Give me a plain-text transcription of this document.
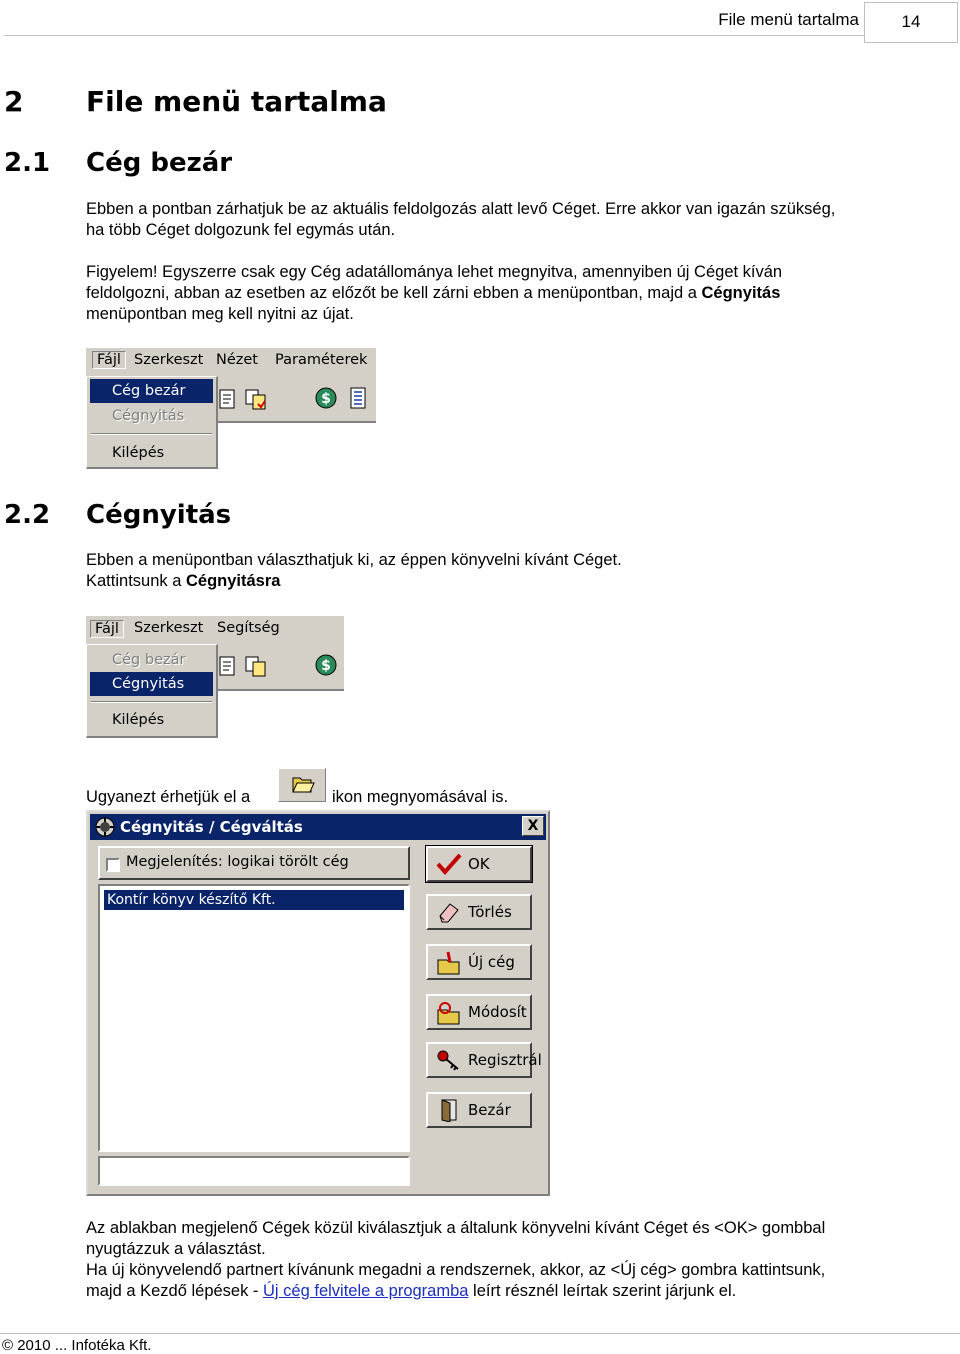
File menü tartalma	14
2 File menü tartalma
2.1 Cég bezár
Ebben a pontban zárhatjuk be az aktuális feldolgozás alatt levő Céget. Erre akkor van igazán szükség,
ha több Céget dolgozunk fel egymás után.
Figyelem! Egyszerre csak egy Cég adatállománya lehet megnyitva, amennyiben új Céget kíván
feldolgozni, abban az esetben az előzőt be kell zárni ebben a menüpontban, majd a Cégnyitás
menüpontban meg kell nyitni az újat.
Fájl Szerkeszt Nézet Paraméterek
$
Cég bezár
Cégnyitás
Kilépés
2.2 Cégnyitás
Ebben a menüpontban választhatjuk ki, az éppen könyvelni kívánt Céget.
Kattintsunk a Cégnyitásra
Fájl	Szerkeszt Segítség
$
Cég bezár
Cégnyitás
Kilépés
Ugyanezt érhetjük el a	ikon megnyomásával is.
Cégnyitás / Cégváltás	X
Megjelenítés: logikai törölt cég
Kontír könyv készítő Kft.
OK
Törlés
Új cég
Módosít
Regisztrál
Bezár
Az ablakban megjelenő Cégek közül kiválasztjuk a általunk könyvelni kívánt Céget és <OK> gombbal
nyugtázzuk a választást.
Ha új könyvelendő partnert kívánunk megadni a rendszernek, akkor, az <Új cég> gombra kattintsunk,
majd a Kezdő lépések - Új cég felvitele a programba leírt résznél leírtak szerint járjunk el.
© 2010 ... Infotéka Kft.
